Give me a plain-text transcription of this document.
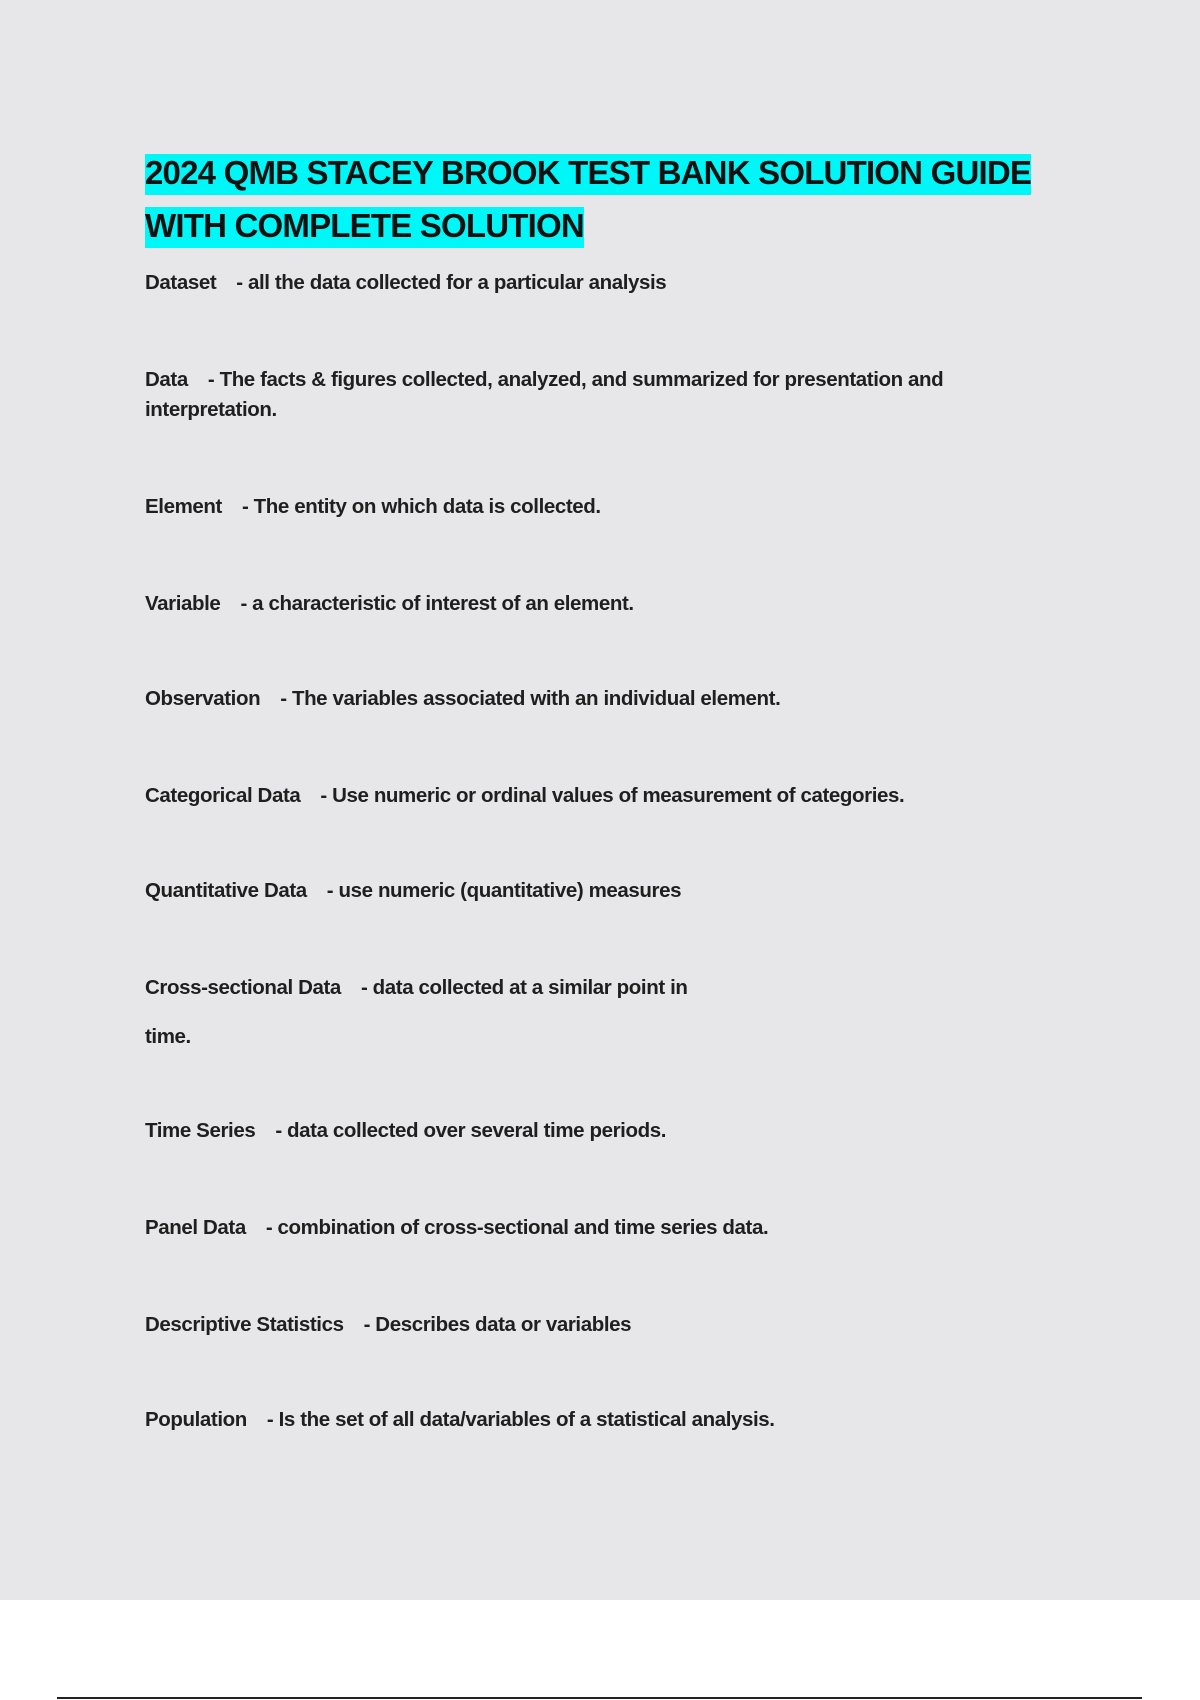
2024 QMB STACEY BROOK TEST BANK SOLUTION GUIDE
WITH COMPLETE SOLUTION

Dataset - all the data collected for a particular analysis

Data - The facts & figures collected, analyzed, and summarized for presentation and interpretation.

Element - The entity on which data is collected.

Variable - a characteristic of interest of an element.

Observation - The variables associated with an individual element.

Categorical Data - Use numeric or ordinal values of measurement of categories.

Quantitative Data - use numeric (quantitative) measures

Cross-sectional Data - data collected at a similar point in

time.

Time Series - data collected over several time periods.

Panel Data - combination of cross-sectional and time series data.

Descriptive Statistics - Describes data or variables

Population - Is the set of all data/variables of a statistical analysis.
